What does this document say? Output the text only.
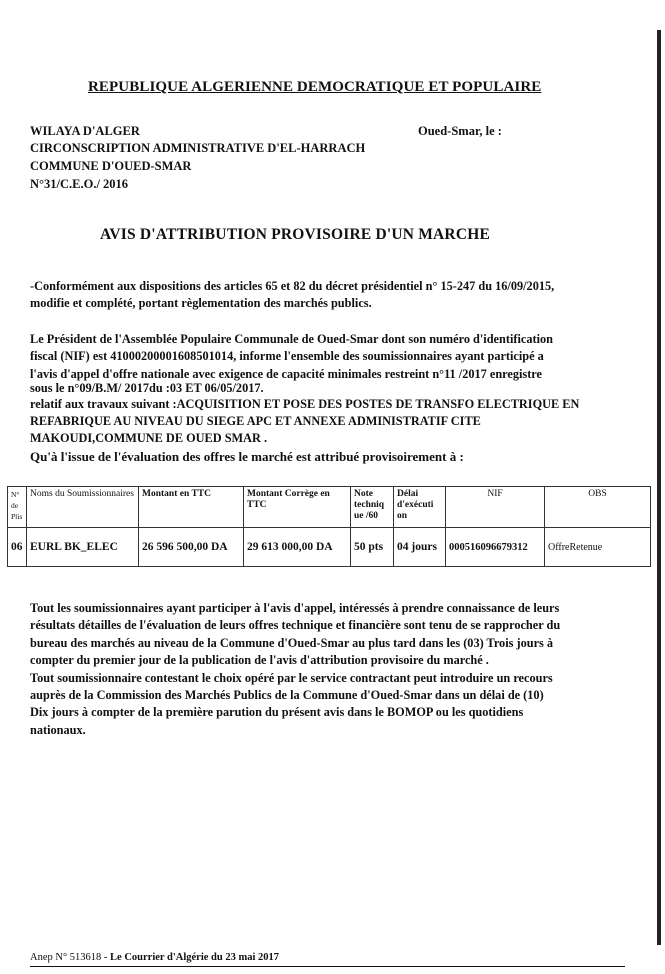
REPUBLIQUE ALGERIENNE DEMOCRATIQUE ET POPULAIRE
WILAYA D'ALGER
CIRCONSCRIPTION ADMINISTRATIVE D'EL-HARRACH
COMMUNE D'OUED-SMAR
N°31/C.E.O./ 2016
Oued-Smar, le :
AVIS D'ATTRIBUTION PROVISOIRE D'UN MARCHE
-Conformément aux dispositions des articles 65 et 82 du décret présidentiel n° 15-247 du 16/09/2015,
modifie et complété, portant règlementation des marchés publics.
Le Président de l'Assemblée Populaire Communale de Oued-Smar dont son numéro d'identification
fiscal (NIF) est 41000200001608501014, informe l'ensemble des soumissionnaires ayant participé a
l'avis d'appel d'offre nationale avec exigence de capacité minimales restreint n°11 /2017 enregistre
sous le n°09/B.M/ 2017du :03 ET 06/05/2017.
relatif aux travaux suivant :ACQUISITION ET POSE DES POSTES DE TRANSFO ELECTRIQUE EN
REFABRIQUE AU NIVEAU DU SIEGE APC ET ANNEXE ADMINISTRATIF CITE
MAKOUDI,COMMUNE DE OUED SMAR .
Qu'à l'issue de l'évaluation des offres le marché est attribué provisoirement à :
N° de Plis	Noms du Soumissionnaires	Montant en TTC	Montant Corrège en TTC	Note techniq ue /60	Délai d'exécuti on	NIF	OBS
06	EURL BK_ELEC	26 596 500,00 DA	29 613 000,00 DA	50 pts	04 jours	000516096679312	OffreRetenue
Tout les soumissionnaires ayant participer à l'avis d'appel, intéressés à prendre connaissance de leurs
résultats détailles de l'évaluation de leurs offres technique et financière sont tenu de se rapprocher du
bureau des marchés au niveau de la Commune d'Oued-Smar au plus tard dans les (03) Trois jours à
compter du premier jour de la publication de l'avis d'attribution provisoire du marché .
Tout soumissionnaire contestant le choix opéré par le service contractant peut introduire un recours
auprès de la Commission des Marchés Publics de la Commune d'Oued-Smar dans un délai de (10)
Dix jours à compter de la première parution du présent avis dans le BOMOP ou les quotidiens
nationaux.
Anep N° 513618 - Le Courrier d'Algérie du 23 mai 2017
